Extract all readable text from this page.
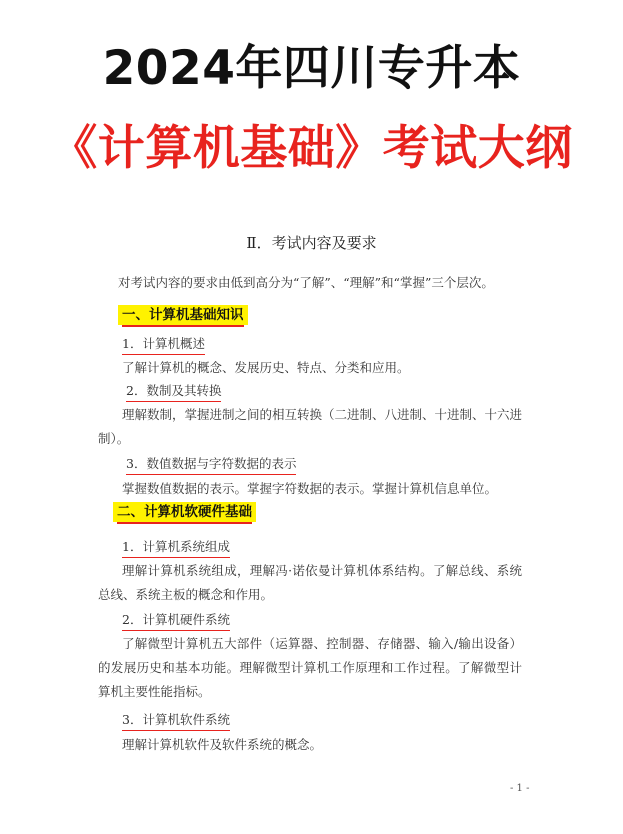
2024年四川专升本
《计算机基础》考试大纲
Ⅱ．考试内容及要求
对考试内容的要求由低到高分为“了解”、“理解”和“掌握”三个层次。
一、计算机基础知识
1．计算机概述
了解计算机的概念、发展历史、特点、分类和应用。
2．数制及其转换
理解数制，掌握进制之间的相互转换（二进制、八进制、十进制、十六进制）。
3．数值数据与字符数据的表示
掌握数值数据的表示。掌握字符数据的表示。掌握计算机信息单位。
二、计算机软硬件基础
1．计算机系统组成
理解计算机系统组成，理解冯·诺依曼计算机体系结构。了解总线、系统总线、系统主板的概念和作用。
2．计算机硬件系统
了解微型计算机五大部件（运算器、控制器、存储器、输入/输出设备）的发展历史和基本功能。理解微型计算机工作原理和工作过程。了解微型计算机主要性能指标。
3．计算机软件系统
理解计算机软件及软件系统的概念。
- 1 -
